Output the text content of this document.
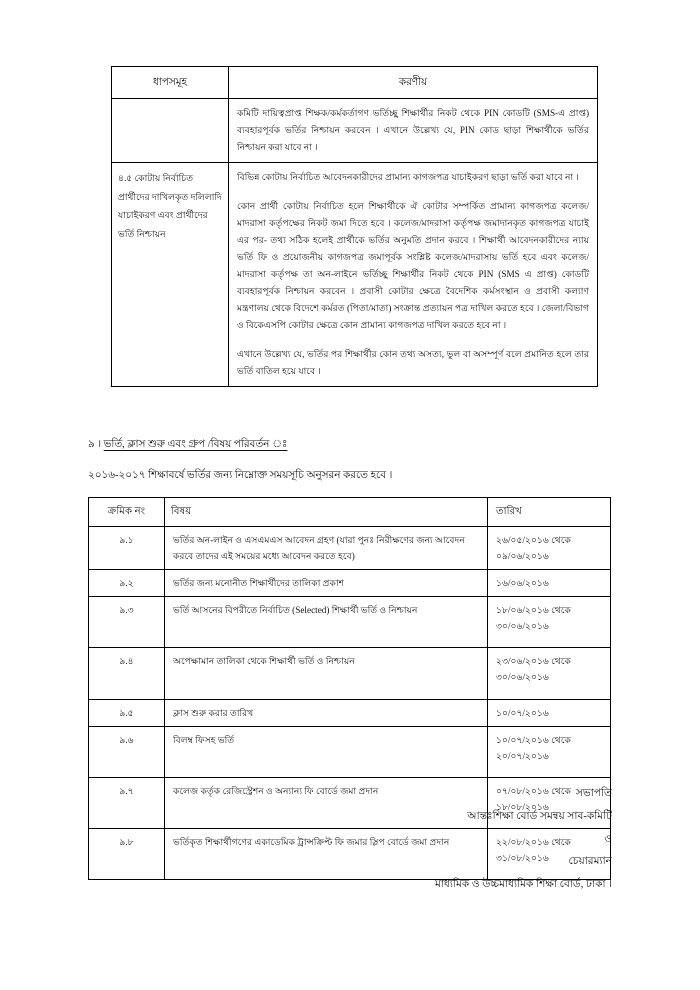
ধাপসমূহ	করণীয়

	কমিটি দায়িত্বপ্রাপ্ত শিক্ষক/কর্মকর্তাগণ ভর্তিচ্ছু শিক্ষার্থীর নিকট থেকে PIN কোডটি (SMS-এ প্রাপ্ত) ব্যবহারপূর্বক ভর্তির নিশ্চায়ন করবেন । এখানে উল্লেখ্য যে, PIN কোড ছাড়া শিক্ষার্থীকে ভর্তির নিশ্চায়ন করা যাবে না ।

৪.৫ কোটায় নির্বাচিত প্রার্থীদের দাখিলকৃত দলিলাদি যাচাইকরণ এবং প্রার্থীদের ভর্তি নিশ্চায়ন	বিভিন্ন কোটায় নির্বাচিত আবেদনকারীদের প্রামান্য কাগজপত্র যাচাইকরণ ছাড়া ভর্তি করা যাবে না ।

কোন প্রার্থী কোটায় নির্বাচিত হলে শিক্ষার্থীকে ঐ কোটার সম্পর্কিত প্রামান্য কাগজপত্র কলেজ/মাদরাসা কর্তৃপক্ষের নিকট জমা দিতে হবে । কলেজ/মাদরাসা কর্তৃপক্ষ জমাদানকৃত কাগজপত্র যাচাই এর পর- তথ্য সঠিক হলেই প্রার্থীকে ভর্তির অনুমতি প্রদান করবে । শিক্ষার্থী আবেদনকারীদের ন্যায় ভর্তি ফি ও প্রয়োজনীয় কাগজপত্র জমাপূর্বক সংশ্লিষ্ট কলেজ/মাদরাসায় ভর্তি হবে এবং কলেজ/মাদরাসা কর্তৃপক্ষ তা অন-লাইনে ভর্তিচ্ছু শিক্ষার্থীর নিকট থেকে PIN (SMS এ প্রাপ্ত) কোডটি ব্যবহারপূর্বক নিশ্চায়ন করবেন । প্রবাসী কোটার ক্ষেত্রে বৈদেশিক কর্মসংস্থান ও প্রবাসী কল্যাণ মন্ত্রণালয় থেকে বিদেশে কর্মরত (পিতা/মাতা) সংক্রান্ত প্রত্যায়ন পত্র দাখিল করতে হবে । জেলা/বিভাগ ও বিকেএসপি কোটার ক্ষেত্রে কোন প্রামান্য কাগজপত্র দাখিল করতে হবে না ।

এখানে উল্লেখ্য যে, ভর্তির পর শিক্ষার্থীর কোন তথ্য অসত্য, ভুল বা অসম্পূর্ণ বলে প্রমানিত হলে তার ভর্তি বাতিল হয়ে যাবে ।

৯ । ভর্তি, ক্লাস শুরু এবং গ্রুপ /বিষয় পরিবর্তন ঃ
২০১৬-২০১৭ শিক্ষাবর্ষে ভর্তির জন্য নিম্নোক্ত সময়সূচি অনুসরন করতে হবে ।
ক্রমিক নং	বিষয়	তারিখ
৯.১	ভর্তির অন-লাইন ও এসএমএস আবেদন গ্রহণ (যারা পুনঃ নিরীক্ষণের জন্য আবেদন করবে তাদের এই সময়ের মধ্যে আবেদন করতে হবে)	২৬/০৫/২০১৬ থেকে
০৯/০৬/২০১৬

৯.২	ভর্তির জন্য মনোনীত শিক্ষার্থীদের তালিকা প্রকাশ	১৬/০৬/২০১৬

৯.৩	ভর্তি আসনের বিপরীতে নির্বাচিত (Selected) শিক্ষার্থী ভর্তি ও নিশ্চায়ন	১৮/০৬/২০১৬ থেকে
৩০/০৬/২০১৬

৯.৪	অপেক্ষামান তালিকা থেকে শিক্ষার্থী ভর্তি ও নিশ্চায়ন	২৩/০৬/২০১৬ থেকে
৩০/০৬/২০১৬

৯.৫	ক্লাস শুরু করার তারিখ	১০/০৭/২০১৬

৯.৬	বিলম্ব ফিসহ ভর্তি	১০/০৭/২০১৬ থেকে
২০/০৭/২০১৬

৯.৭	কলেজ কর্তৃক রেজিস্ট্রেশন ও অন্যান্য ফি বোর্ডে জমা প্রদান	০৭/০৮/২০১৬ থেকে
১৮/০৮/২০১৬

৯.৮	ভর্তিকৃত শিক্ষার্থীগণের একাডেমিক ট্রান্সক্রিপ্ট ফি জমার স্লিপ বোর্ডে জমা প্রদান	২২/০৮/২০১৬ থেকে
৩১/০৮/২০১৬
সভাপতি
আন্তঃশিক্ষা বোর্ড সমন্বয় সাব-কমিটি
ও
চেয়ারম্যান
মাধ্যমিক ও উচ্চমাধ্যমিক শিক্ষা বোর্ড, ঢাকা ।
